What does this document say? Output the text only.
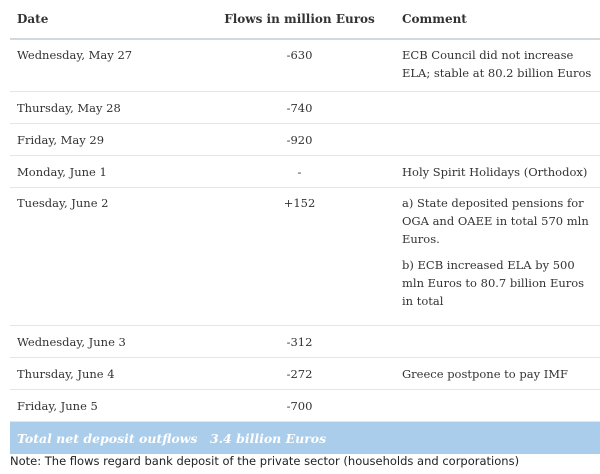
Date	Flows in million Euros	Comment
Wednesday, May 27	-630	ECB Council did not increase ELA; stable at 80.2 billion Euros
Thursday, May 28	-740
Friday, May 29	-920
Monday, June 1	-	Holy Spirit Holidays (Orthodox)
Tuesday, June 2	+152	a) State deposited pensions for OGA and OAEE in total 570 mln Euros.
b) ECB increased ELA by 500 mln Euros to 80.7 billion Euros in total
Wednesday, June 3	-312
Thursday, June 4	-272	Greece postpone to pay IMF
Friday, June 5	-700
Total net deposit outflows	3.4 billion Euros
Note: The flows regard bank deposit of the private sector (households and corporations)
